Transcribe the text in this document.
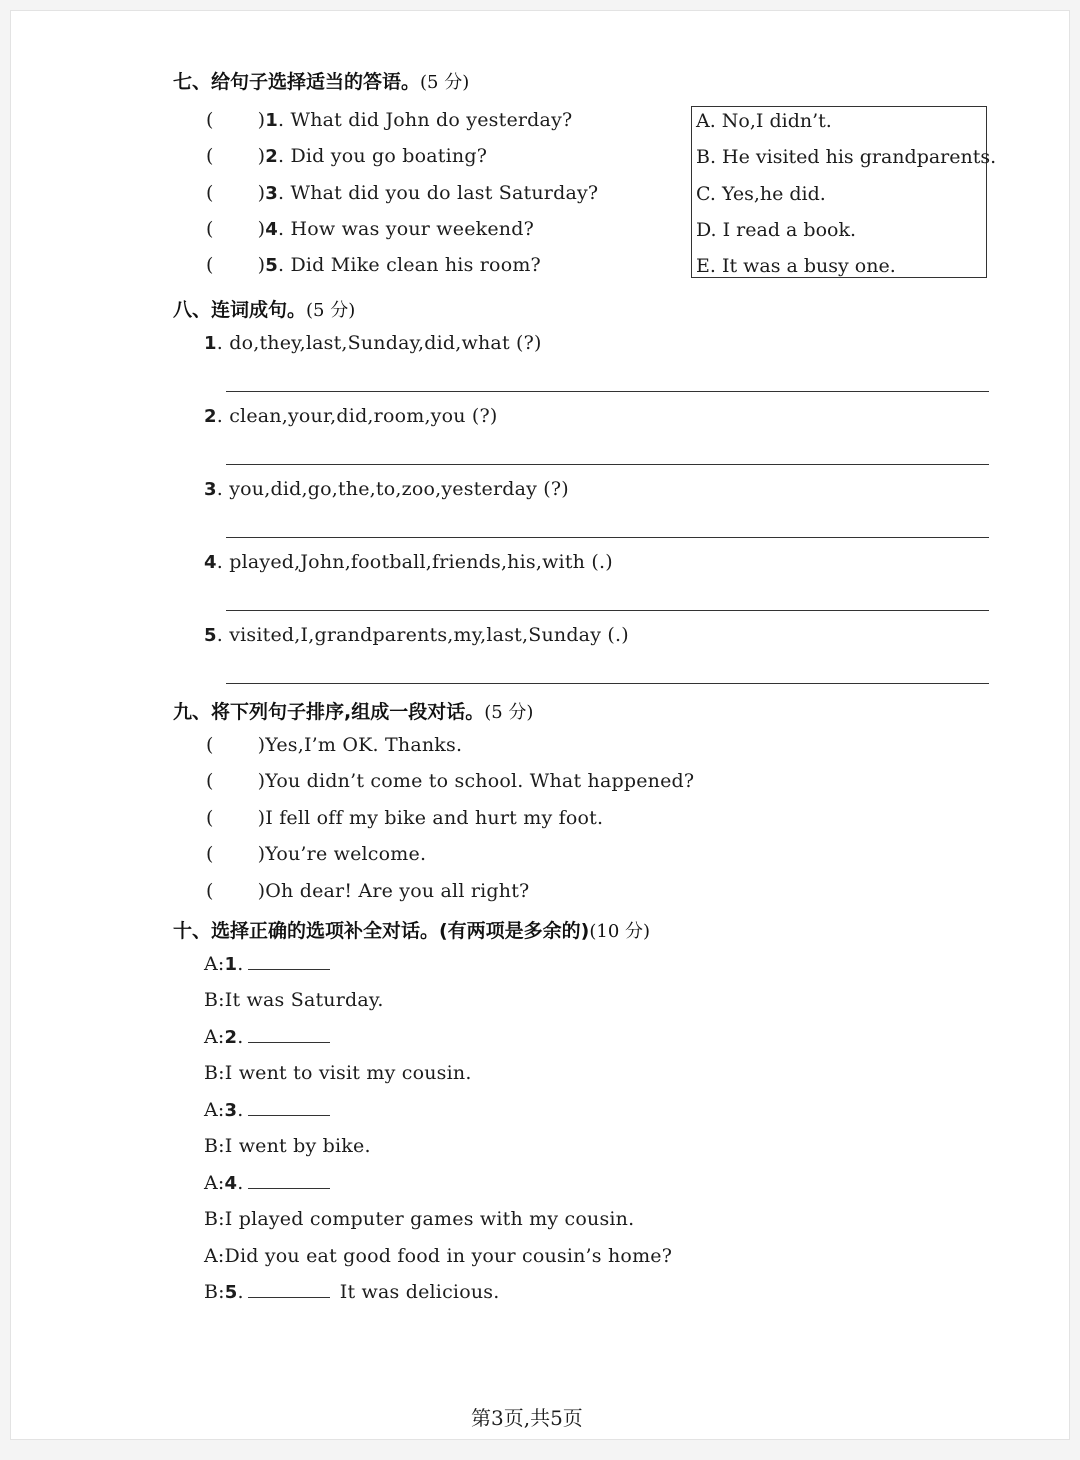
七、给句子选择适当的答语。(5 分)
( )1. What did John do yesterday?
( )2. Did you go boating?
( )3. What did you do last Saturday?
( )4. How was your weekend?
( )5. Did Mike clean his room?
A. No,I didn’t.
B. He visited his grandparents.
C. Yes,he did.
D. I read a book.
E. It was a busy one.
八、连词成句。(5 分)
1. do,they,last,Sunday,did,what (?)
2. clean,your,did,room,you (?)
3. you,did,go,the,to,zoo,yesterday (?)
4. played,John,football,friends,his,with (.)
5. visited,I,grandparents,my,last,Sunday (.)
九、将下列句子排序,组成一段对话。(5 分)
( )Yes,I’m OK. Thanks.
( )You didn’t come to school. What happened?
( )I fell off my bike and hurt my foot.
( )You’re welcome.
( )Oh dear! Are you all right?
十、选择正确的选项补全对话。(有两项是多余的)(10 分)
A:1.
B:It was Saturday.
A:2.
B:I went to visit my cousin.
A:3.
B:I went by bike.
A:4.
B:I played computer games with my cousin.
A:Did you eat good food in your cousin’s home?
B:5.	It was delicious.
第3页,共5页
